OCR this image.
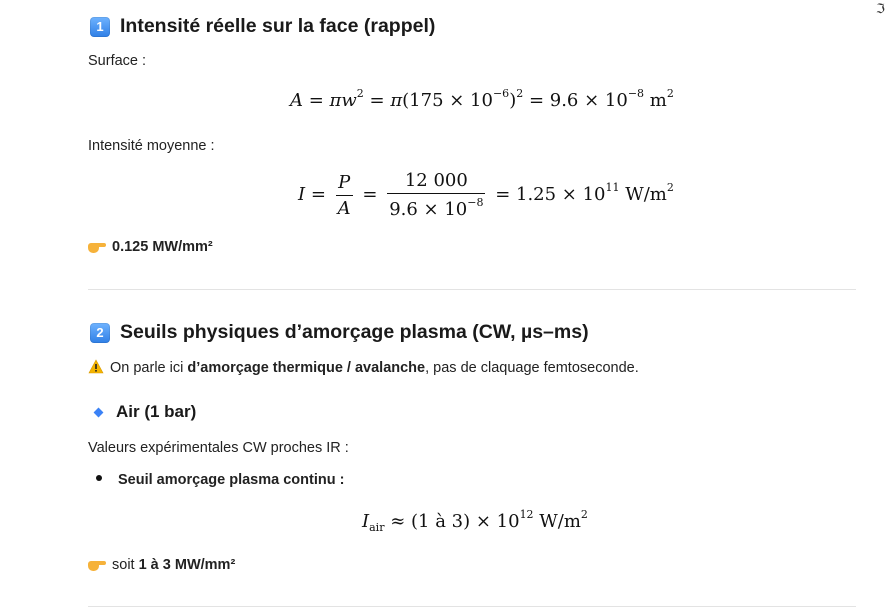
ℑ
1 Intensité réelle sur la face (rappel)
Surface :
$A = \pi w^2 = \pi(175 \times 10^{-6})^2 = 9.6 \times 10^{-8}$ $m^2$
Intensité moyenne :
$I = \frac{P}{A} = \frac{12 000}{9.6 \times 10^{-8}} = 1.25 \times 10^{11}$ $W/m^2$
0.125 MW/mm²
2 Seuils physiques d’amorçage plasma (CW, µs–ms)
On parle ici d’amorçage thermique / avalanche, pas de claquage femtoseconde.
Air (1 bar)
Valeurs expérimentales CW proches IR :
Seuil amorçage plasma continu :
$I_{air} \approx (1$ à $3) \times 10^{12}$ $W/m^2$
soit 1 à 3 MW/mm²
